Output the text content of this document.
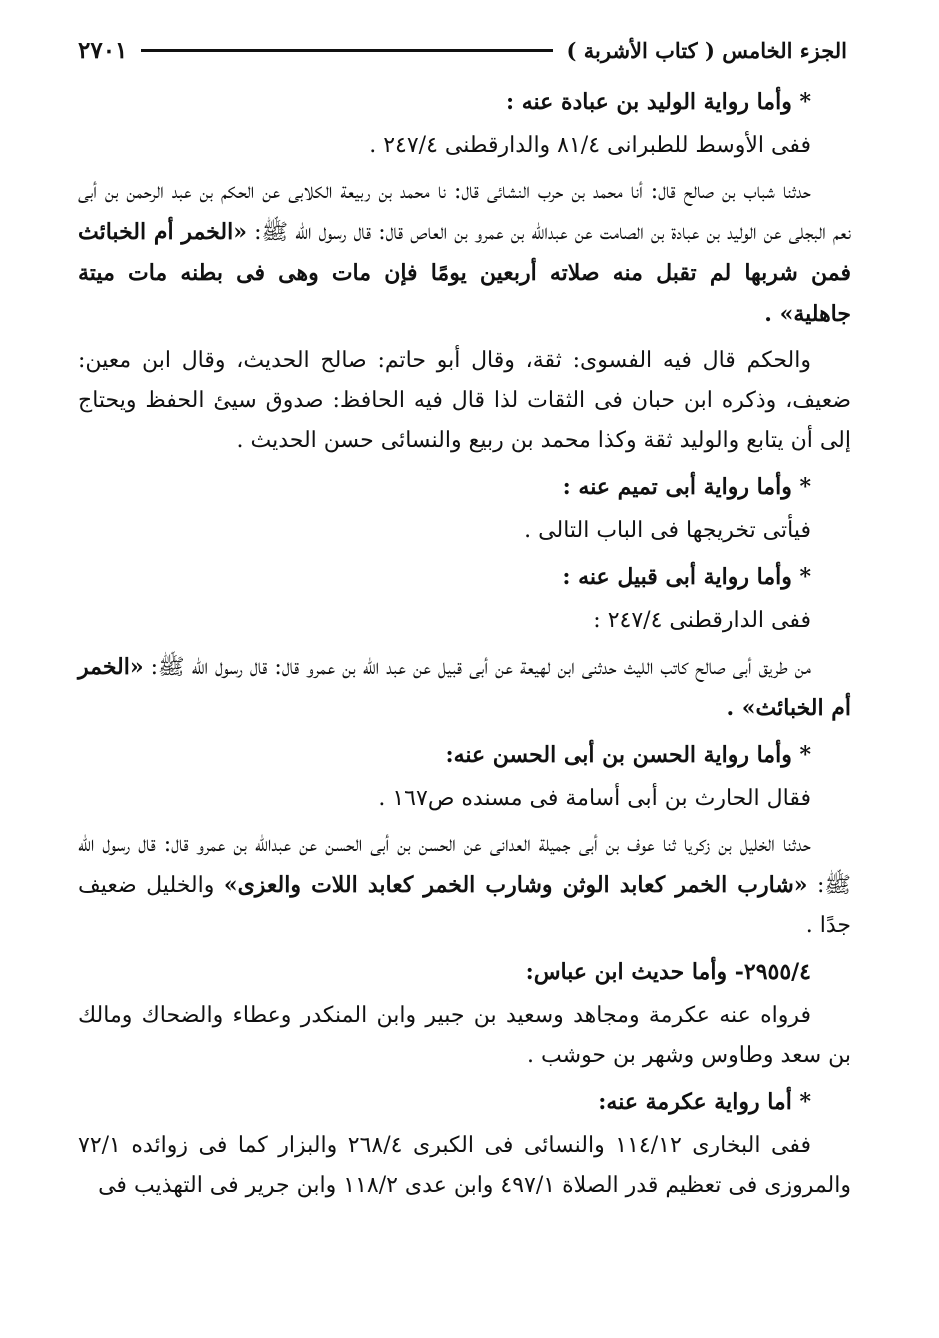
الجزء الخامس ( كتاب الأشربة )
٢٧٠١
* وأما رواية الوليد بن عبادة عنه :
ففى الأوسط للطبرانى ٨١/٤ والدارقطنى ٢٤٧/٤ .
حدثنا شباب بن صالح قال: أنا محمد بن حرب النشائى قال: نا محمد بن ربيعة الكلابى عن الحكم بن عبد الرحمن بن أبى نعم البجلى عن الوليد بن عبادة بن الصامت عن عبدالله بن عمرو بن العاص قال: قال رسول الله ﷺ: «الخمر أم الخبائث فمن شربها لم تقبل منه صلاته أربعين يومًا فإن مات وهى فى بطنه مات ميتة جاهلية» .
والحكم قال فيه الفسوى: ثقة، وقال أبو حاتم: صالح الحديث، وقال ابن معين: ضعيف، وذكره ابن حبان فى الثقات لذا قال فيه الحافظ: صدوق سيئ الحفظ ويحتاج إلى أن يتابع والوليد ثقة وكذا محمد بن ربيع والنسائى حسن الحديث .
* وأما رواية أبى تميم عنه :
فيأتى تخريجها فى الباب التالى .
* وأما رواية أبى قبيل عنه :
ففى الدارقطنى ٢٤٧/٤ :
من طريق أبى صالح كاتب الليث حدثنى ابن لهيعة عن أبى قبيل عن عبد الله بن عمرو قال: قال رسول الله ﷺ: «الخمر أم الخبائث» .
* وأما رواية الحسن بن أبى الحسن عنه:
فقال الحارث بن أبى أسامة فى مسنده ص١٦٧ .
حدثنا الخليل بن زكريا ثنا عوف بن أبى جميلة العدانى عن الحسن بن أبى الحسن عن عبدالله بن عمرو قال: قال رسول الله ﷺ: «شارب الخمر كعابد الوثن وشارب الخمر كعابد اللات والعزى» والخليل ضعيف جدًا .
٢٩٥٥/٤- وأما حديث ابن عباس:
فرواه عنه عكرمة ومجاهد وسعيد بن جبير وابن المنكدر وعطاء والضحاك ومالك بن سعد وطاوس وشهر بن حوشب .
* أما رواية عكرمة عنه:
ففى البخارى ١١٤/١٢ والنسائى فى الكبرى ٢٦٨/٤ والبزار كما فى زوائده ٧٢/١ والمروزى فى تعظيم قدر الصلاة ٤٩٧/١ وابن عدى ١١٨/٢ وابن جرير فى التهذيب فى
